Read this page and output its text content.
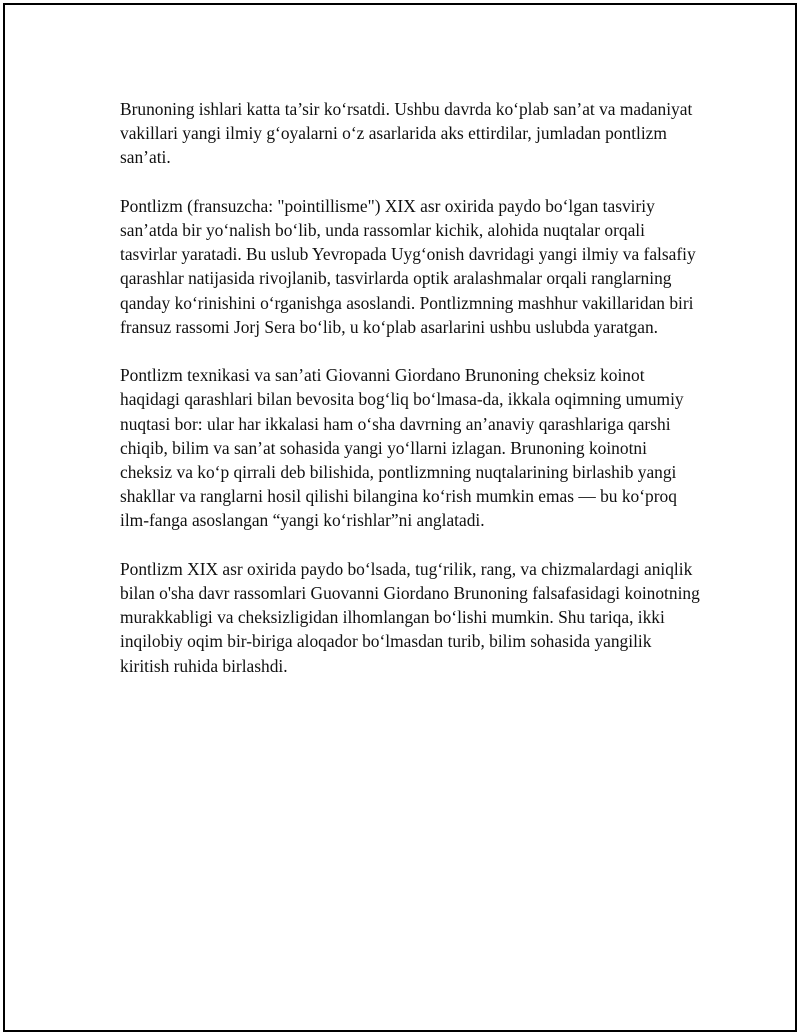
Brunoning ishlari katta ta’sir ko‘rsatdi. Ushbu davrda ko‘plab san’at va madaniyat vakillari yangi ilmiy g‘oyalarni o‘z asarlarida aks ettirdilar, jumladan pontlizm san’ati.

Pontlizm (fransuzcha: "pointillisme") XIX asr oxirida paydo bo‘lgan tasviriy san’atda bir yo‘nalish bo‘lib, unda rassomlar kichik, alohida nuqtalar orqali tasvirlar yaratadi. Bu uslub Yevropada Uyg‘onish davridagi yangi ilmiy va falsafiy qarashlar natijasida rivojlanib, tasvirlarda optik aralashmalar orqali ranglarning qanday ko‘rinishini o‘rganishga asoslandi. Pontlizmning mashhur vakillaridan biri fransuz rassomi Jorj Sera bo‘lib, u ko‘plab asarlarini ushbu uslubda yaratgan.

Pontlizm texnikasi va san’ati Giovanni Giordano Brunoning cheksiz koinot haqidagi qarashlari bilan bevosita bog‘liq bo‘lmasa-da, ikkala oqimning umumiy nuqtasi bor: ular har ikkalasi ham o‘sha davrning an’anaviy qarashlariga qarshi chiqib, bilim va san’at sohasida yangi yo‘llarni izlagan. Brunoning koinotni cheksiz va ko‘p qirrali deb bilishida, pontlizmning nuqtalarining birlashib yangi shakllar va ranglarni hosil qilishi bilangina ko‘rish mumkin emas — bu ko‘proq ilm-fanga asoslangan “yangi ko‘rishlar”ni anglatadi.

Pontlizm XIX asr oxirida paydo bo‘lsada, tug‘rilik, rang, va chizmalardagi aniqlik bilan o'sha davr rassomlari Guovanni Giordano Brunoning falsafasidagi koinotning murakkabligi va cheksizligidan ilhomlangan bo‘lishi mumkin. Shu tariqa, ikki inqilobiy oqim bir-biriga aloqador bo‘lmasdan turib, bilim sohasida yangilik kiritish ruhida birlashdi.
